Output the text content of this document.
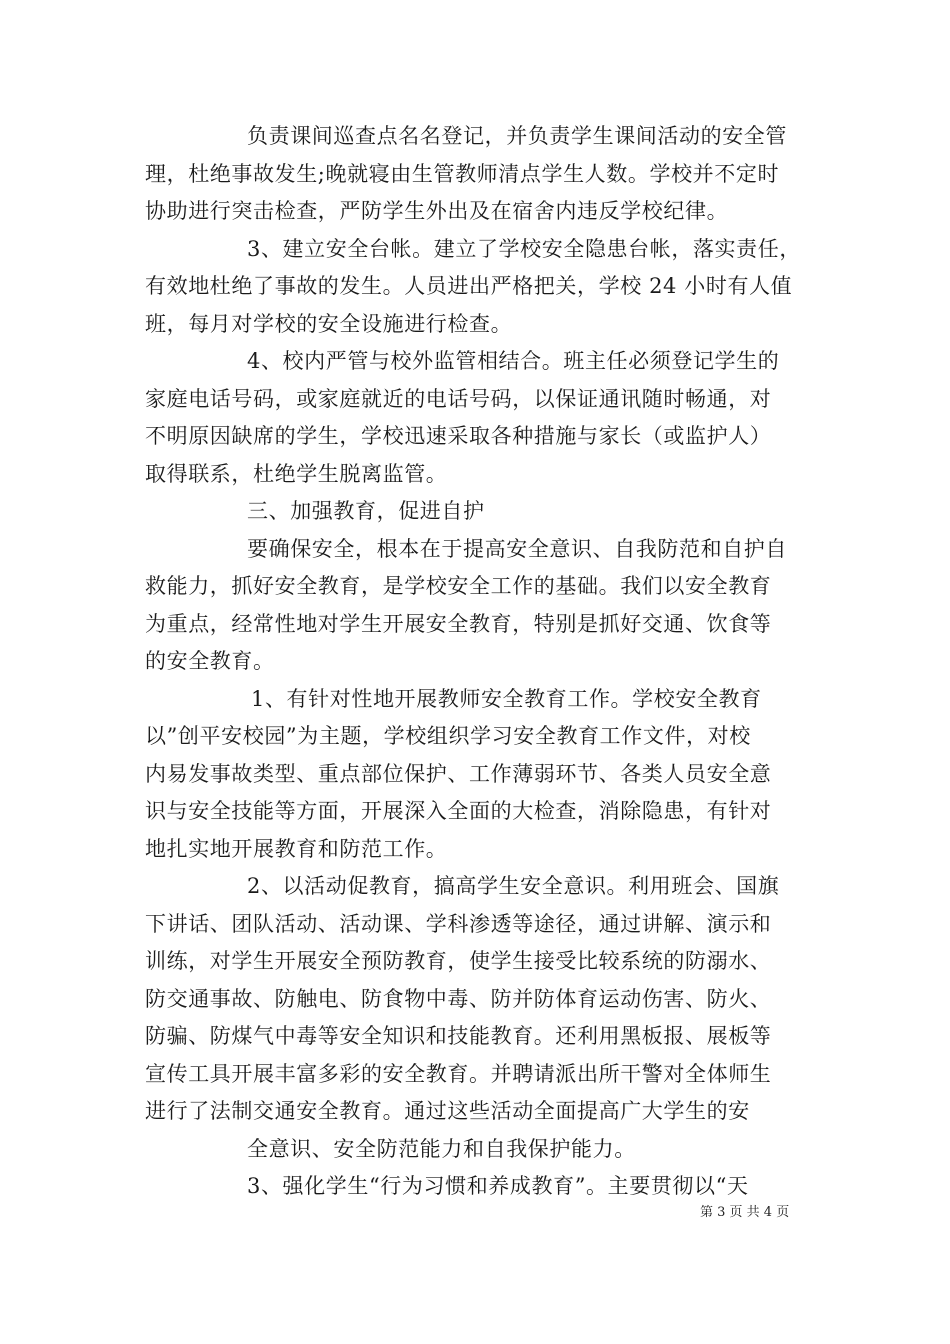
负责课间巡查点名名登记，并负责学生课间活动的安全管
理，杜绝事故发生;晚就寝由生管教师清点学生人数。学校并不定时
协助进行突击检查，严防学生外出及在宿舍内违反学校纪律。
3、建立安全台帐。建立了学校安全隐患台帐，落实责任，
有效地杜绝了事故的发生。人员进出严格把关，学校 24 小时有人值
班，每月对学校的安全设施进行检查。
4、校内严管与校外监管相结合。班主任必须登记学生的
家庭电话号码，或家庭就近的电话号码，以保证通讯随时畅通，对
不明原因缺席的学生，学校迅速采取各种措施与家长（或监护人）
取得联系，杜绝学生脱离监管。
三、加强教育，促进自护
要确保安全，根本在于提高安全意识、自我防范和自护自
救能力，抓好安全教育，是学校安全工作的基础。我们以安全教育
为重点，经常性地对学生开展安全教育，特别是抓好交通、饮食等
的安全教育。
1、有针对性地开展教师安全教育工作。学校安全教育
以”创平安校园”为主题，学校组织学习安全教育工作文件，对校
内易发事故类型、重点部位保护、工作薄弱环节、各类人员安全意
识与安全技能等方面，开展深入全面的大检查，消除隐患，有针对
地扎实地开展教育和防范工作。
2、以活动促教育，搞高学生安全意识。利用班会、国旗
下讲话、团队活动、活动课、学科渗透等途径，通过讲解、演示和
训练，对学生开展安全预防教育，使学生接受比较系统的防溺水、
防交通事故、防触电、防食物中毒、防并防体育运动伤害、防火、
防骗、防煤气中毒等安全知识和技能教育。还利用黑板报、展板等
宣传工具开展丰富多彩的安全教育。并聘请派出所干警对全体师生
进行了法制交通安全教育。通过这些活动全面提高广大学生的安
全意识、安全防范能力和自我保护能力。
3、强化学生“行为习惯和养成教育”。主要贯彻以“天
第 3 页 共 4 页
